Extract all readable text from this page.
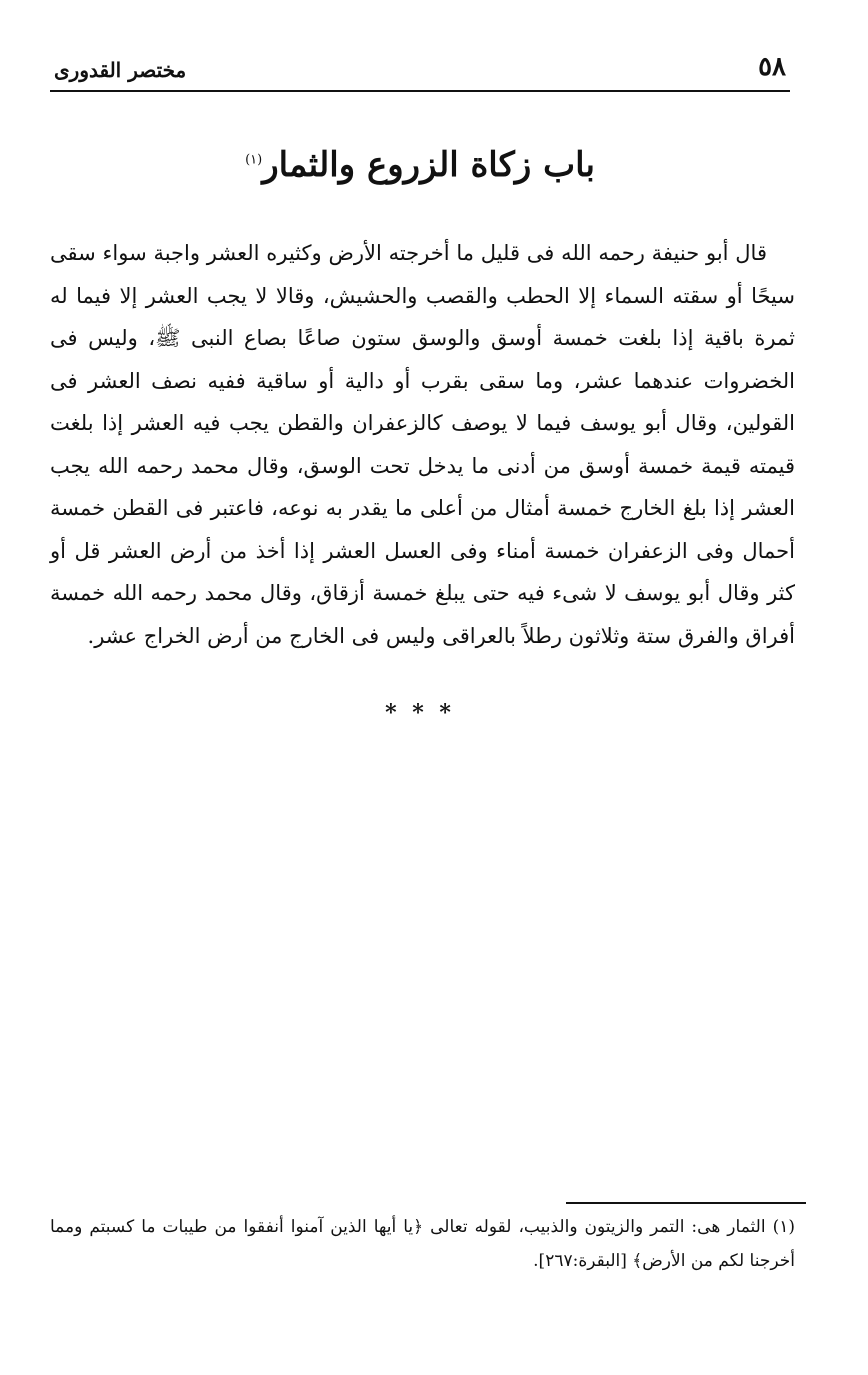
٥٨
مختصر القدورى
باب زكاة الزروع والثمار$^{(١)}$

قال أبو حنيفة رحمه الله فى قليل ما أخرجته الأرض وكثيره العشر واجبة سواء سقى سيحًا أو سقته السماء إلا الحطب والقصب والحشيش، وقالا لا يجب العشر إلا فيما له ثمرة باقية إذا بلغت خمسة أوسق والوسق ستون صاعًا بصاع النبى ﷺ، وليس فى الخضروات عندهما عشر، وما سقى بقرب أو دالية أو ساقية ففيه نصف العشر فى القولين، وقال أبو يوسف فيما لا يوصف كالزعفران والقطن يجب فيه العشر إذا بلغت قيمته قيمة خمسة أوسق من أدنى ما يدخل تحت الوسق، وقال محمد رحمه الله يجب العشر إذا بلغ الخارج خمسة أمثال من أعلى ما يقدر به نوعه، فاعتبر فى القطن خمسة أحمال وفى الزعفران خمسة أمناء وفى العسل العشر إذا أخذ من أرض العشر قل أو كثر وقال أبو يوسف لا شىء فيه حتى يبلغ خمسة أزقاق، وقال محمد رحمه الله خمسة أفراق والفرق ستة وثلاثون رطلاً بالعراقى وليس فى الخارج من أرض الخراج عشر.

* * *

(١) الثمار هى: التمر والزيتون والذبيب، لقوله تعالى ﴿يا أيها الذين آمنوا أنفقوا من طيبات ما كسبتم ومما أخرجنا لكم من الأرض﴾ [البقرة:٢٦٧].
